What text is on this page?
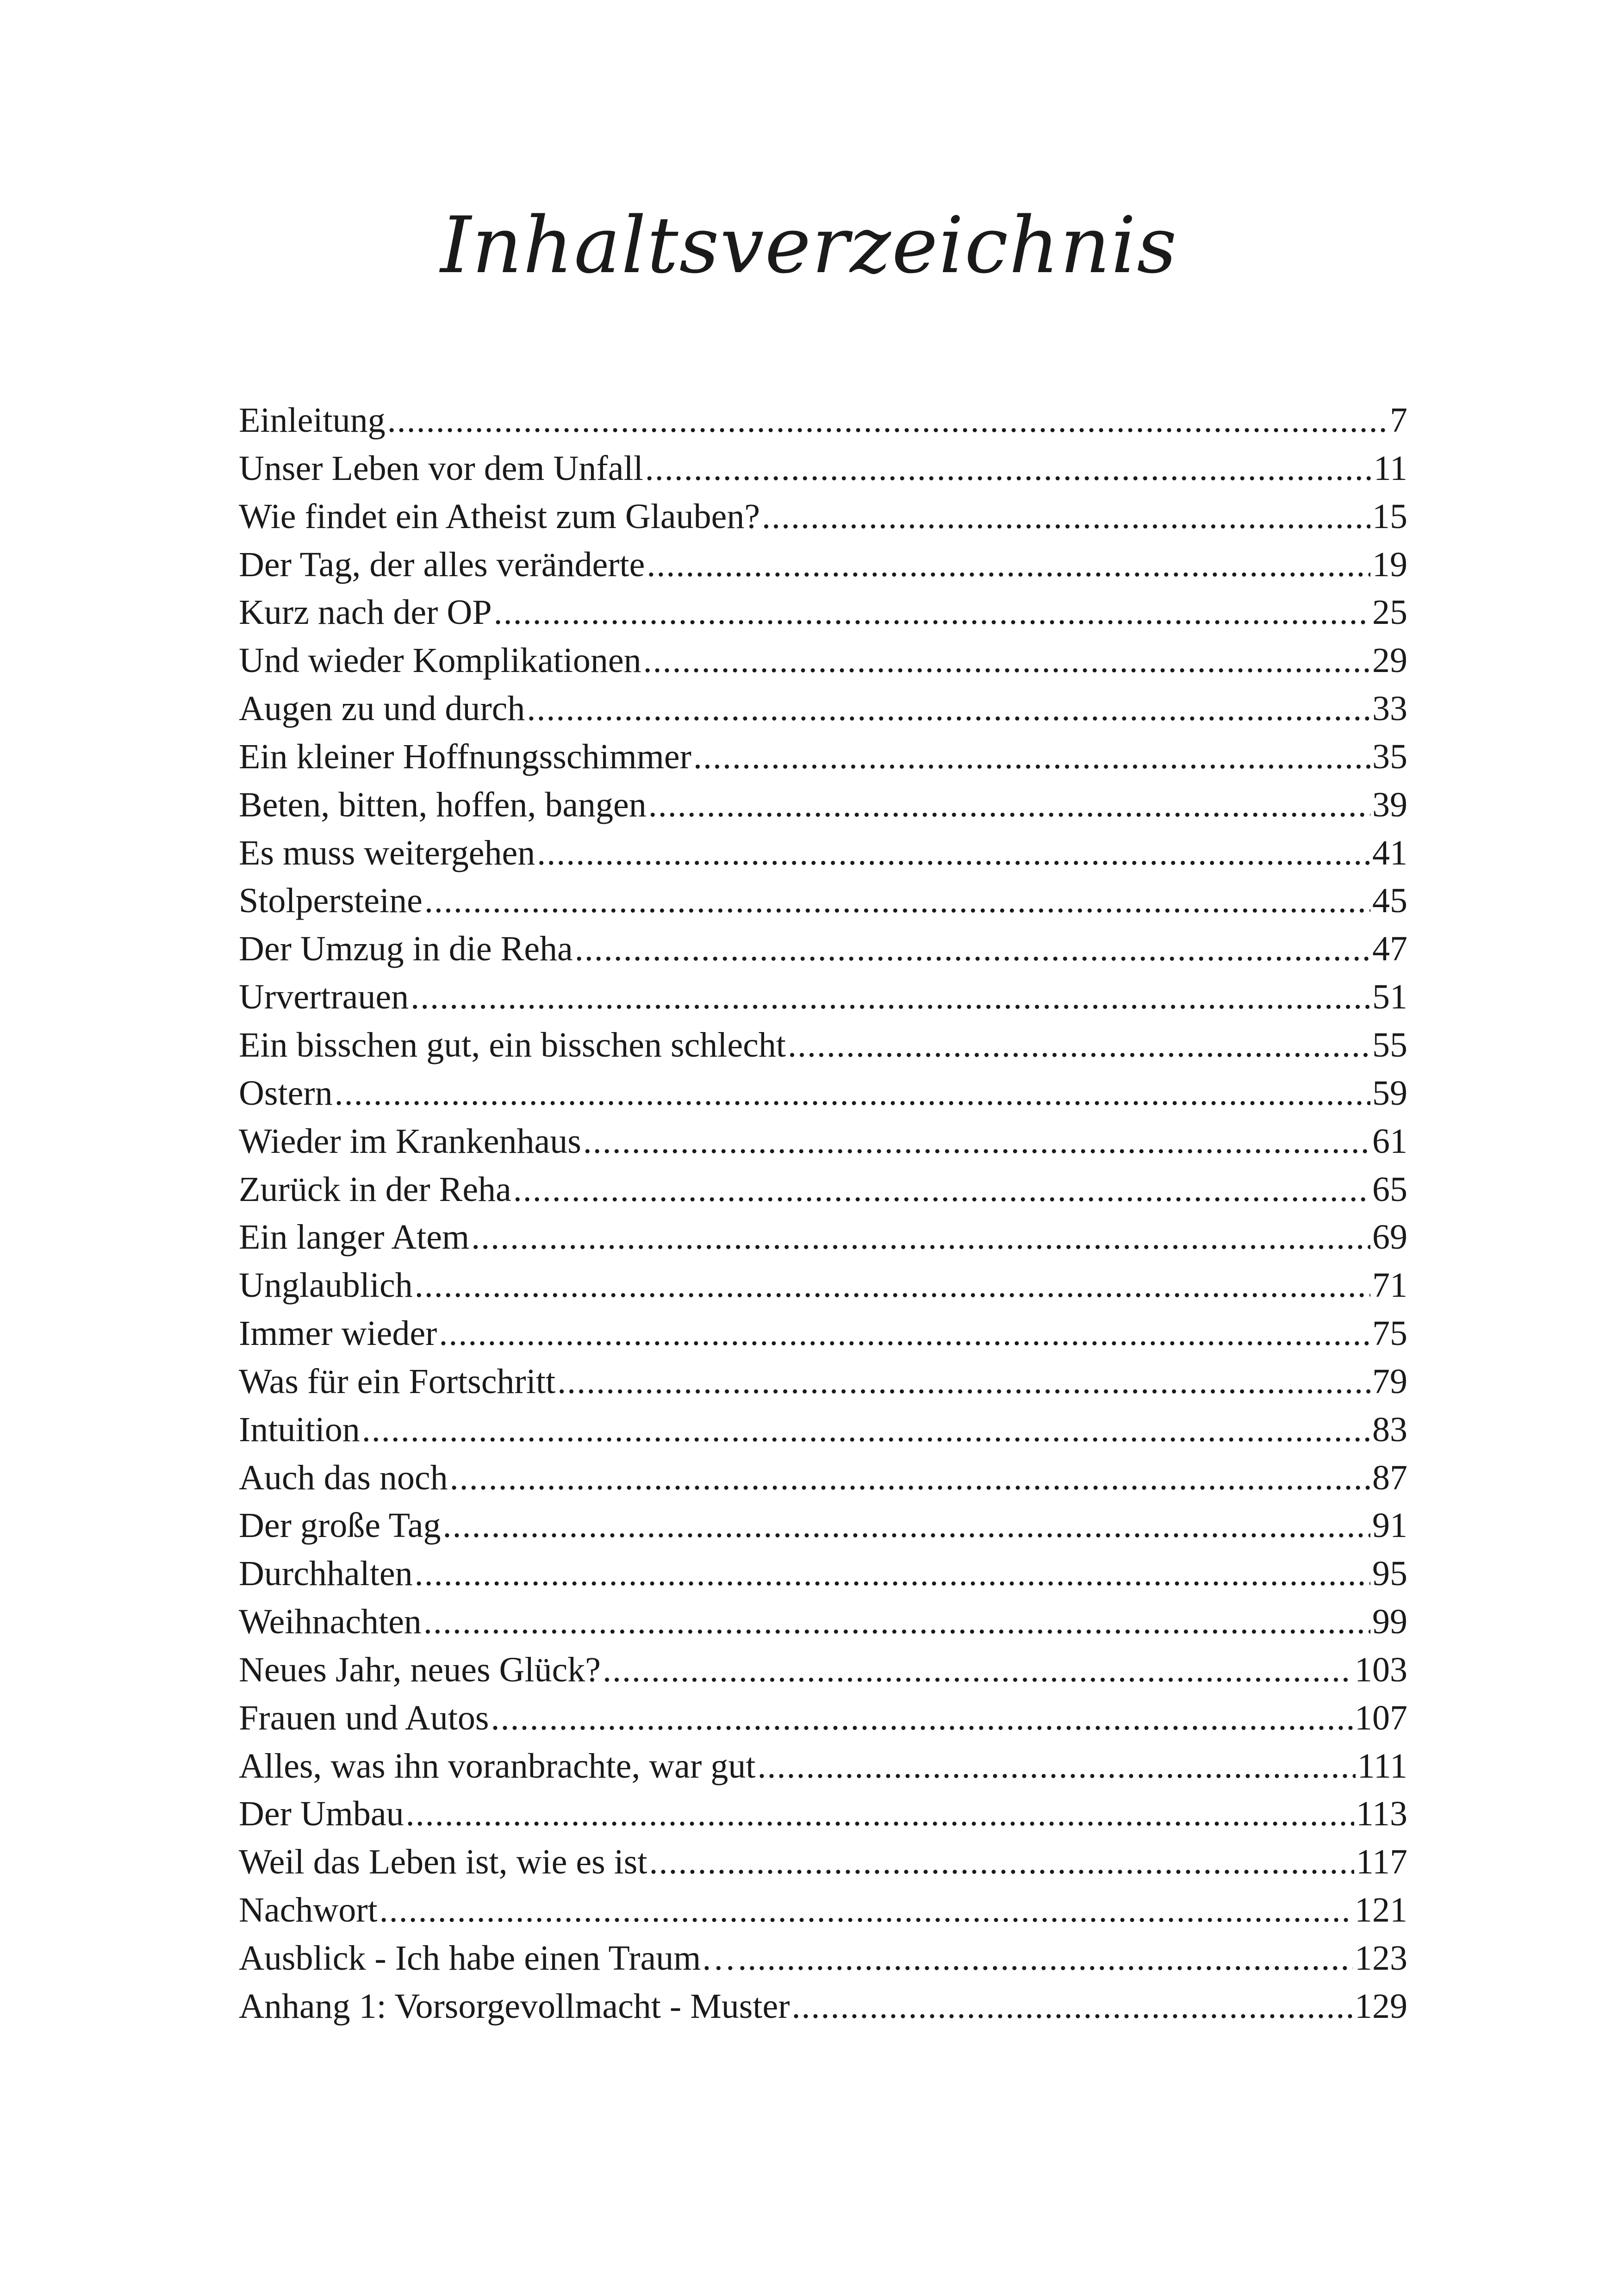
Inhaltsverzeichnis
Einleitung .....	7
Unser Leben vor dem Unfall .....	11
Wie findet ein Atheist zum Glauben? .....	15
Der Tag, der alles veränderte .....	19
Kurz nach der OP .....	25
Und wieder Komplikationen .....	29
Augen zu und durch .....	33
Ein kleiner Hoffnungsschimmer .....	35
Beten, bitten, hoffen, bangen .....	39
Es muss weitergehen .....	41
Stolpersteine .....	45
Der Umzug in die Reha .....	47
Urvertrauen .....	51
Ein bisschen gut, ein bisschen schlecht .....	55
Ostern .....	59
Wieder im Krankenhaus .....	61
Zurück in der Reha .....	65
Ein langer Atem .....	69
Unglaublich .....	71
Immer wieder .....	75
Was für ein Fortschritt .....	79
Intuition .....	83
Auch das noch .....	87
Der große Tag .....	91
Durchhalten .....	95
Weihnachten .....	99
Neues Jahr, neues Glück? .....	103
Frauen und Autos .....	107
Alles, was ihn voranbrachte, war gut .....	111
Der Umbau .....	113
Weil das Leben ist, wie es ist .....	117
Nachwort .....	121
Ausblick - Ich habe einen Traum… .....	123
Anhang 1: Vorsorgevollmacht - Muster .....	129
